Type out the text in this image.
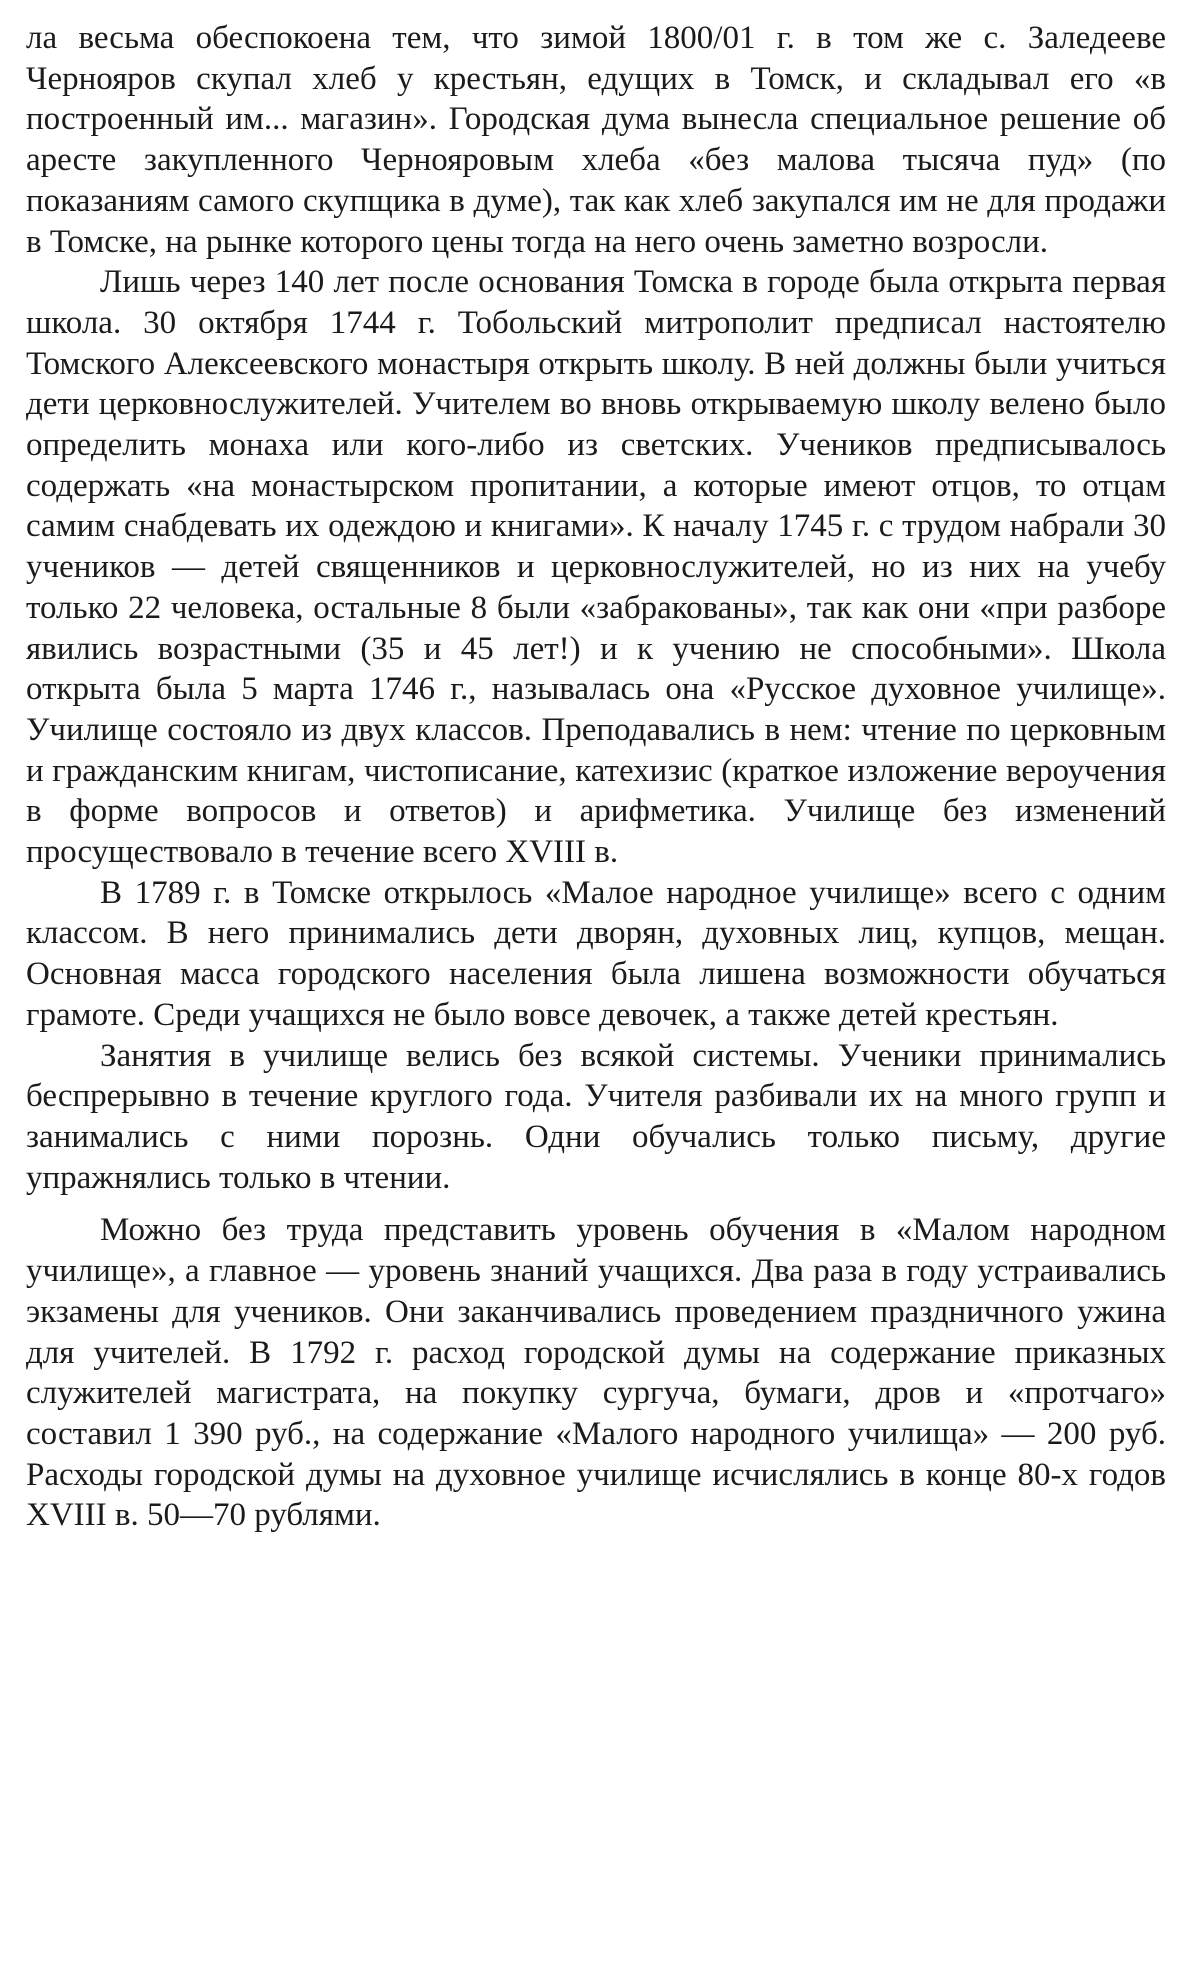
ла весьма обеспокоена тем, что зимой 1800/01 г. в том же с. Заледееве Чернояров скупал хлеб у крестьян, едущих в Томск, и складывал его «в построенный им... магазин». Городская дума вынесла специальное решение об аресте закупленного Чернояровым хлеба «без малова тысяча пуд» (по показаниям самого скупщика в думе), так как хлеб закупался им не для продажи в Томске, на рынке которого цены тогда на него очень заметно возросли.

Лишь через 140 лет после основания Томска в городе была открыта первая школа. 30 октября 1744 г. Тобольский митрополит предписал настоятелю Томского Алексеевского монастыря открыть школу. В ней должны были учиться дети церковнослужителей. Учителем во вновь открываемую школу велено было определить монаха или кого-либо из светских. Учеников предписывалось содержать «на монастырском пропитании, а которые имеют отцов, то отцам самим снабдевать их одеждою и книгами». К началу 1745 г. с трудом набрали 30 учеников — детей священников и церковнослужителей, но из них на учебу только 22 человека, остальные 8 были «забракованы», так как они «при разборе явились возрастными (35 и 45 лет!) и к учению не способными». Школа открыта была 5 марта 1746 г., называлась она «Русское духовное училище». Училище состояло из двух классов. Преподавались в нем: чтение по церковным и гражданским книгам, чистописание, катехизис (краткое изложение вероучения в форме вопросов и ответов) и арифметика. Училище без изменений просуществовало в течение всего XVIII в.

В 1789 г. в Томске открылось «Малое народное училище» всего с одним классом. В него принимались дети дворян, духовных лиц, купцов, мещан. Основная масса городского населения была лишена возможности обучаться грамоте. Среди учащихся не было вовсе девочек, а также детей крестьян.

Занятия в училище велись без всякой системы. Ученики принимались беспрерывно в течение круглого года. Учителя разбивали их на много групп и занимались с ними порознь. Одни обучались только письму, другие упражнялись только в чтении.

Можно без труда представить уровень обучения в «Малом народном училище», а главное — уровень знаний учащихся. Два раза в году устраивались экзамены для учеников. Они заканчивались проведением праздничного ужина для учителей. В 1792 г. расход городской думы на содержание приказных служителей магистрата, на покупку сургуча, бумаги, дров и «протчаго» составил 1 390 руб., на содержание «Малого народного училища» — 200 руб. Расходы городской думы на духовное училище исчислялись в конце 80-х годов XVIII в. 50—70 рублями.
